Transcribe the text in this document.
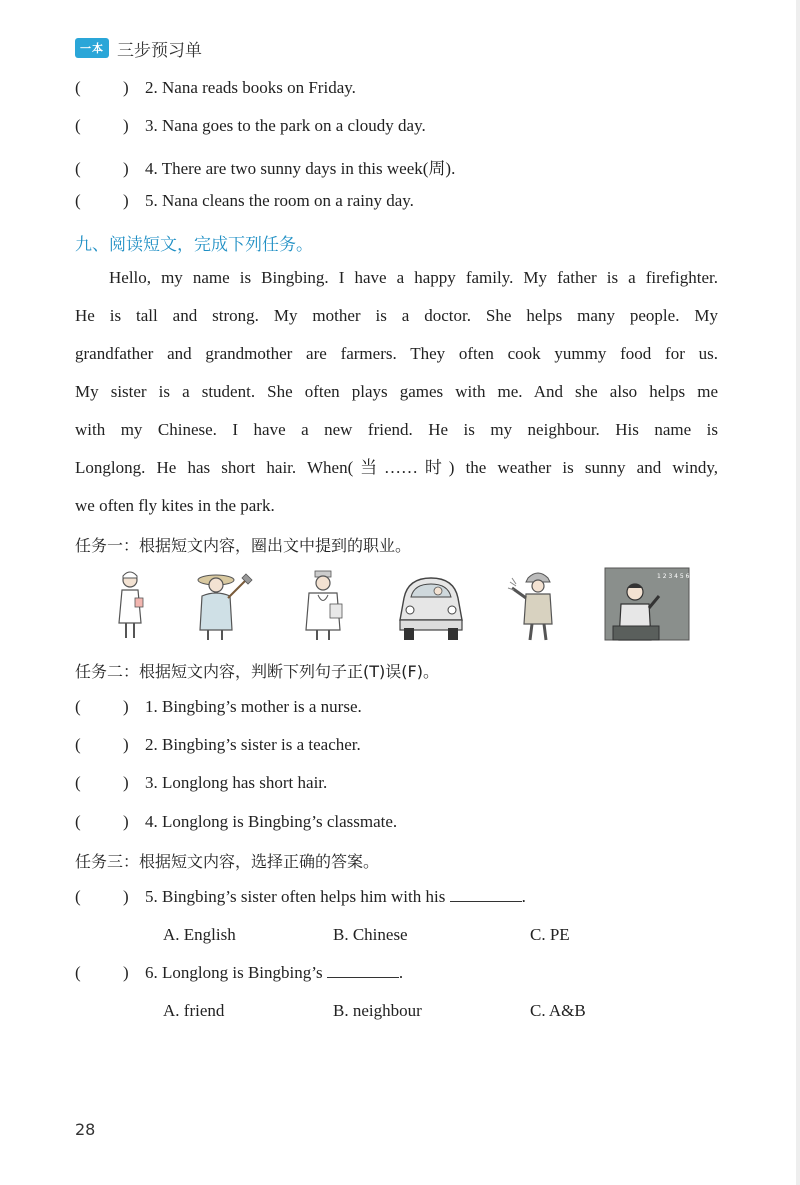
一本 三步预习单
( ) 2. Nana reads books on Friday.
( ) 3. Nana goes to the park on a cloudy day.
( ) 4. There are two sunny days in this week(周).
( ) 5. Nana cleans the room on a rainy day.
九、阅读短文，完成下列任务。
Hello, my name is Bingbing. I have a happy family. My father is a firefighter.
He is tall and strong. My mother is a doctor. She helps many people. My
grandfather and grandmother are farmers. They often cook yummy food for us.
My sister is a student. She often plays games with me. And she also helps me
with my Chinese. I have a new friend. He is my neighbour. His name is
Longlong. He has short hair. When(当……时) the weather is sunny and windy,
we often fly kites in the park.
任务一：根据短文内容，圈出文中提到的职业。
1 2 3 4 5 6 7
任务二：根据短文内容，判断下列句子正(T)误(F)。
( ) 1. Bingbing’s mother is a nurse.
( ) 2. Bingbing’s sister is a teacher.
( ) 3. Longlong has short hair.
( ) 4. Longlong is Bingbing’s classmate.
任务三：根据短文内容，选择正确的答案。
( ) 5. Bingbing’s sister often helps him with his	.
A. English	B. Chinese	C. PE
( ) 6. Longlong is Bingbing’s	.
A. friend	B. neighbour	C. A&B
28
